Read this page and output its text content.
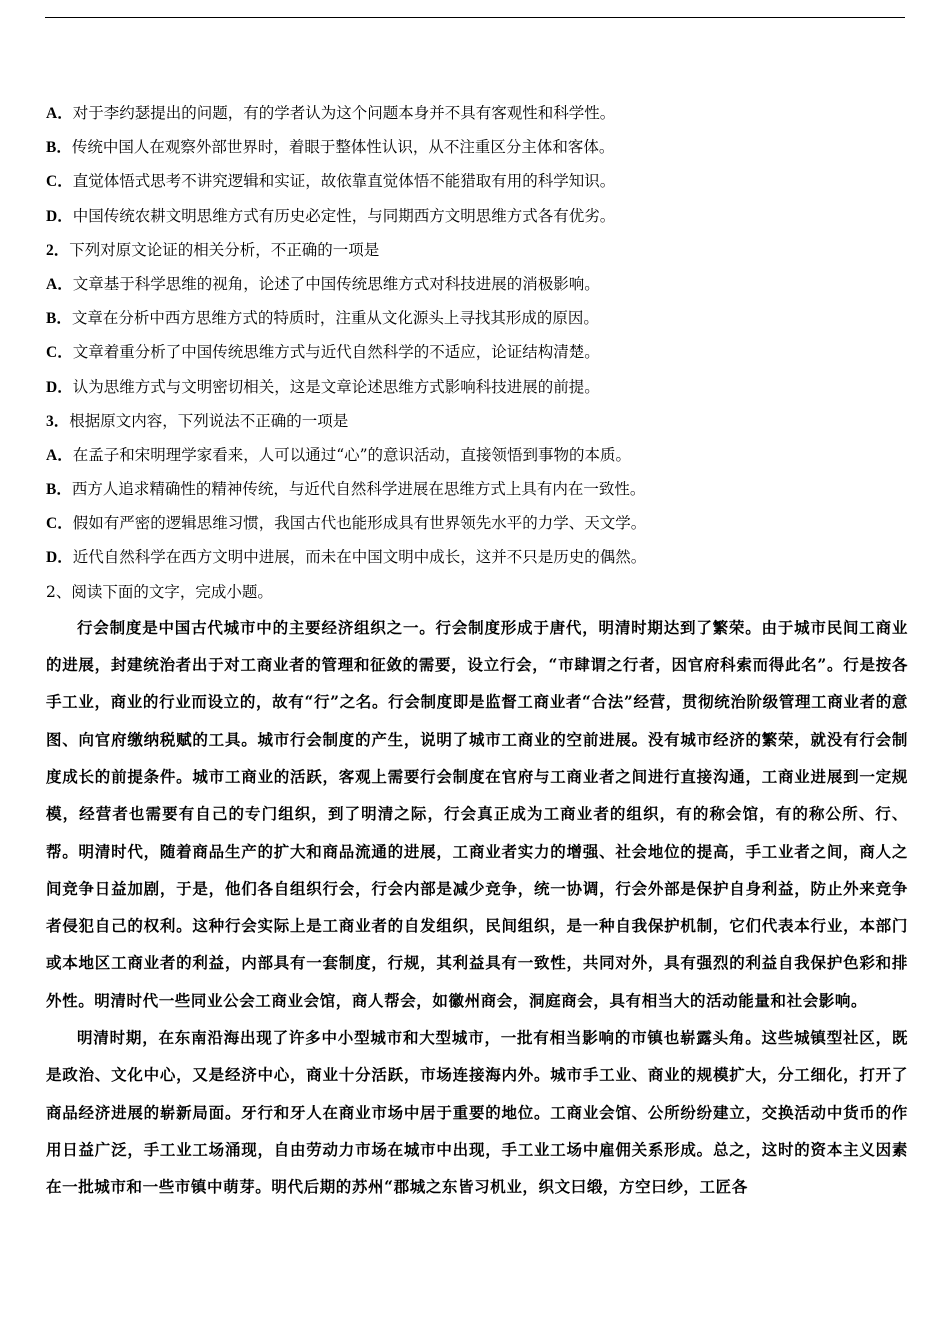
A．对于李约瑟提出的问题，有的学者认为这个问题本身并不具有客观性和科学性。
B．传统中国人在观察外部世界时，着眼于整体性认识，从不注重区分主体和客体。
C．直觉体悟式思考不讲究逻辑和实证，故依靠直觉体悟不能猎取有用的科学知识。
D．中国传统农耕文明思维方式有历史必定性，与同期西方文明思维方式各有优劣。
2．下列对原文论证的相关分析，不正确的一项是
A．文章基于科学思维的视角，论述了中国传统思维方式对科技进展的消极影响。
B．文章在分析中西方思维方式的特质时，注重从文化源头上寻找其形成的原因。
C．文章着重分析了中国传统思维方式与近代自然科学的不适应，论证结构清楚。
D．认为思维方式与文明密切相关，这是文章论述思维方式影响科技进展的前提。
3．根据原文内容，下列说法不正确的一项是
A．在孟子和宋明理学家看来，人可以通过“心”的意识活动，直接领悟到事物的本质。
B．西方人追求精确性的精神传统，与近代自然科学进展在思维方式上具有内在一致性。
C．假如有严密的逻辑思维习惯，我国古代也能形成具有世界领先水平的力学、天文学。
D．近代自然科学在西方文明中进展，而未在中国文明中成长，这并不只是历史的偶然。
2、阅读下面的文字，完成小题。

行会制度是中国古代城市中的主要经济组织之一。行会制度形成于唐代，明清时期达到了繁荣。由于城市民间工商业的进展，封建统治者出于对工商业者的管理和征敛的需要，设立行会，“市肆谓之行者，因官府科索而得此名”。行是按各手工业，商业的行业而设立的，故有“行”之名。行会制度即是监督工商业者“合法”经营，贯彻统治阶级管理工商业者的意图、向官府缴纳税赋的工具。城市行会制度的产生，说明了城市工商业的空前进展。没有城市经济的繁荣，就没有行会制度成长的前提条件。城市工商业的活跃，客观上需要行会制度在官府与工商业者之间进行直接沟通，工商业进展到一定规模，经营者也需要有自己的专门组织，到了明清之际，行会真正成为工商业者的组织，有的称会馆，有的称公所、行、帮。明清时代，随着商品生产的扩大和商品流通的进展，工商业者实力的增强、社会地位的提高，手工业者之间，商人之间竞争日益加剧，于是，他们各自组织行会，行会内部是减少竞争，统一协调，行会外部是保护自身利益，防止外来竞争者侵犯自己的权利。这种行会实际上是工商业者的自发组织，民间组织，是一种自我保护机制，它们代表本行业，本部门或本地区工商业者的利益，内部具有一套制度，行规，其利益具有一致性，共同对外，具有强烈的利益自我保护色彩和排外性。明清时代一些同业公会工商业会馆，商人帮会，如徽州商会，洞庭商会，具有相当大的活动能量和社会影响。

明清时期，在东南沿海出现了许多中小型城市和大型城市，一批有相当影响的市镇也崭露头角。这些城镇型社区，既是政治、文化中心，又是经济中心，商业十分活跃，市场连接海内外。城市手工业、商业的规模扩大，分工细化，打开了商品经济进展的崭新局面。牙行和牙人在商业市场中居于重要的地位。工商业会馆、公所纷纷建立，交换活动中货币的作用日益广泛，手工业工场涌现，自由劳动力市场在城市中出现，手工业工场中雇佣关系形成。总之，这时的资本主义因素在一批城市和一些市镇中萌芽。明代后期的苏州“郡城之东皆习机业，织文曰缎，方空曰纱，工匠各
